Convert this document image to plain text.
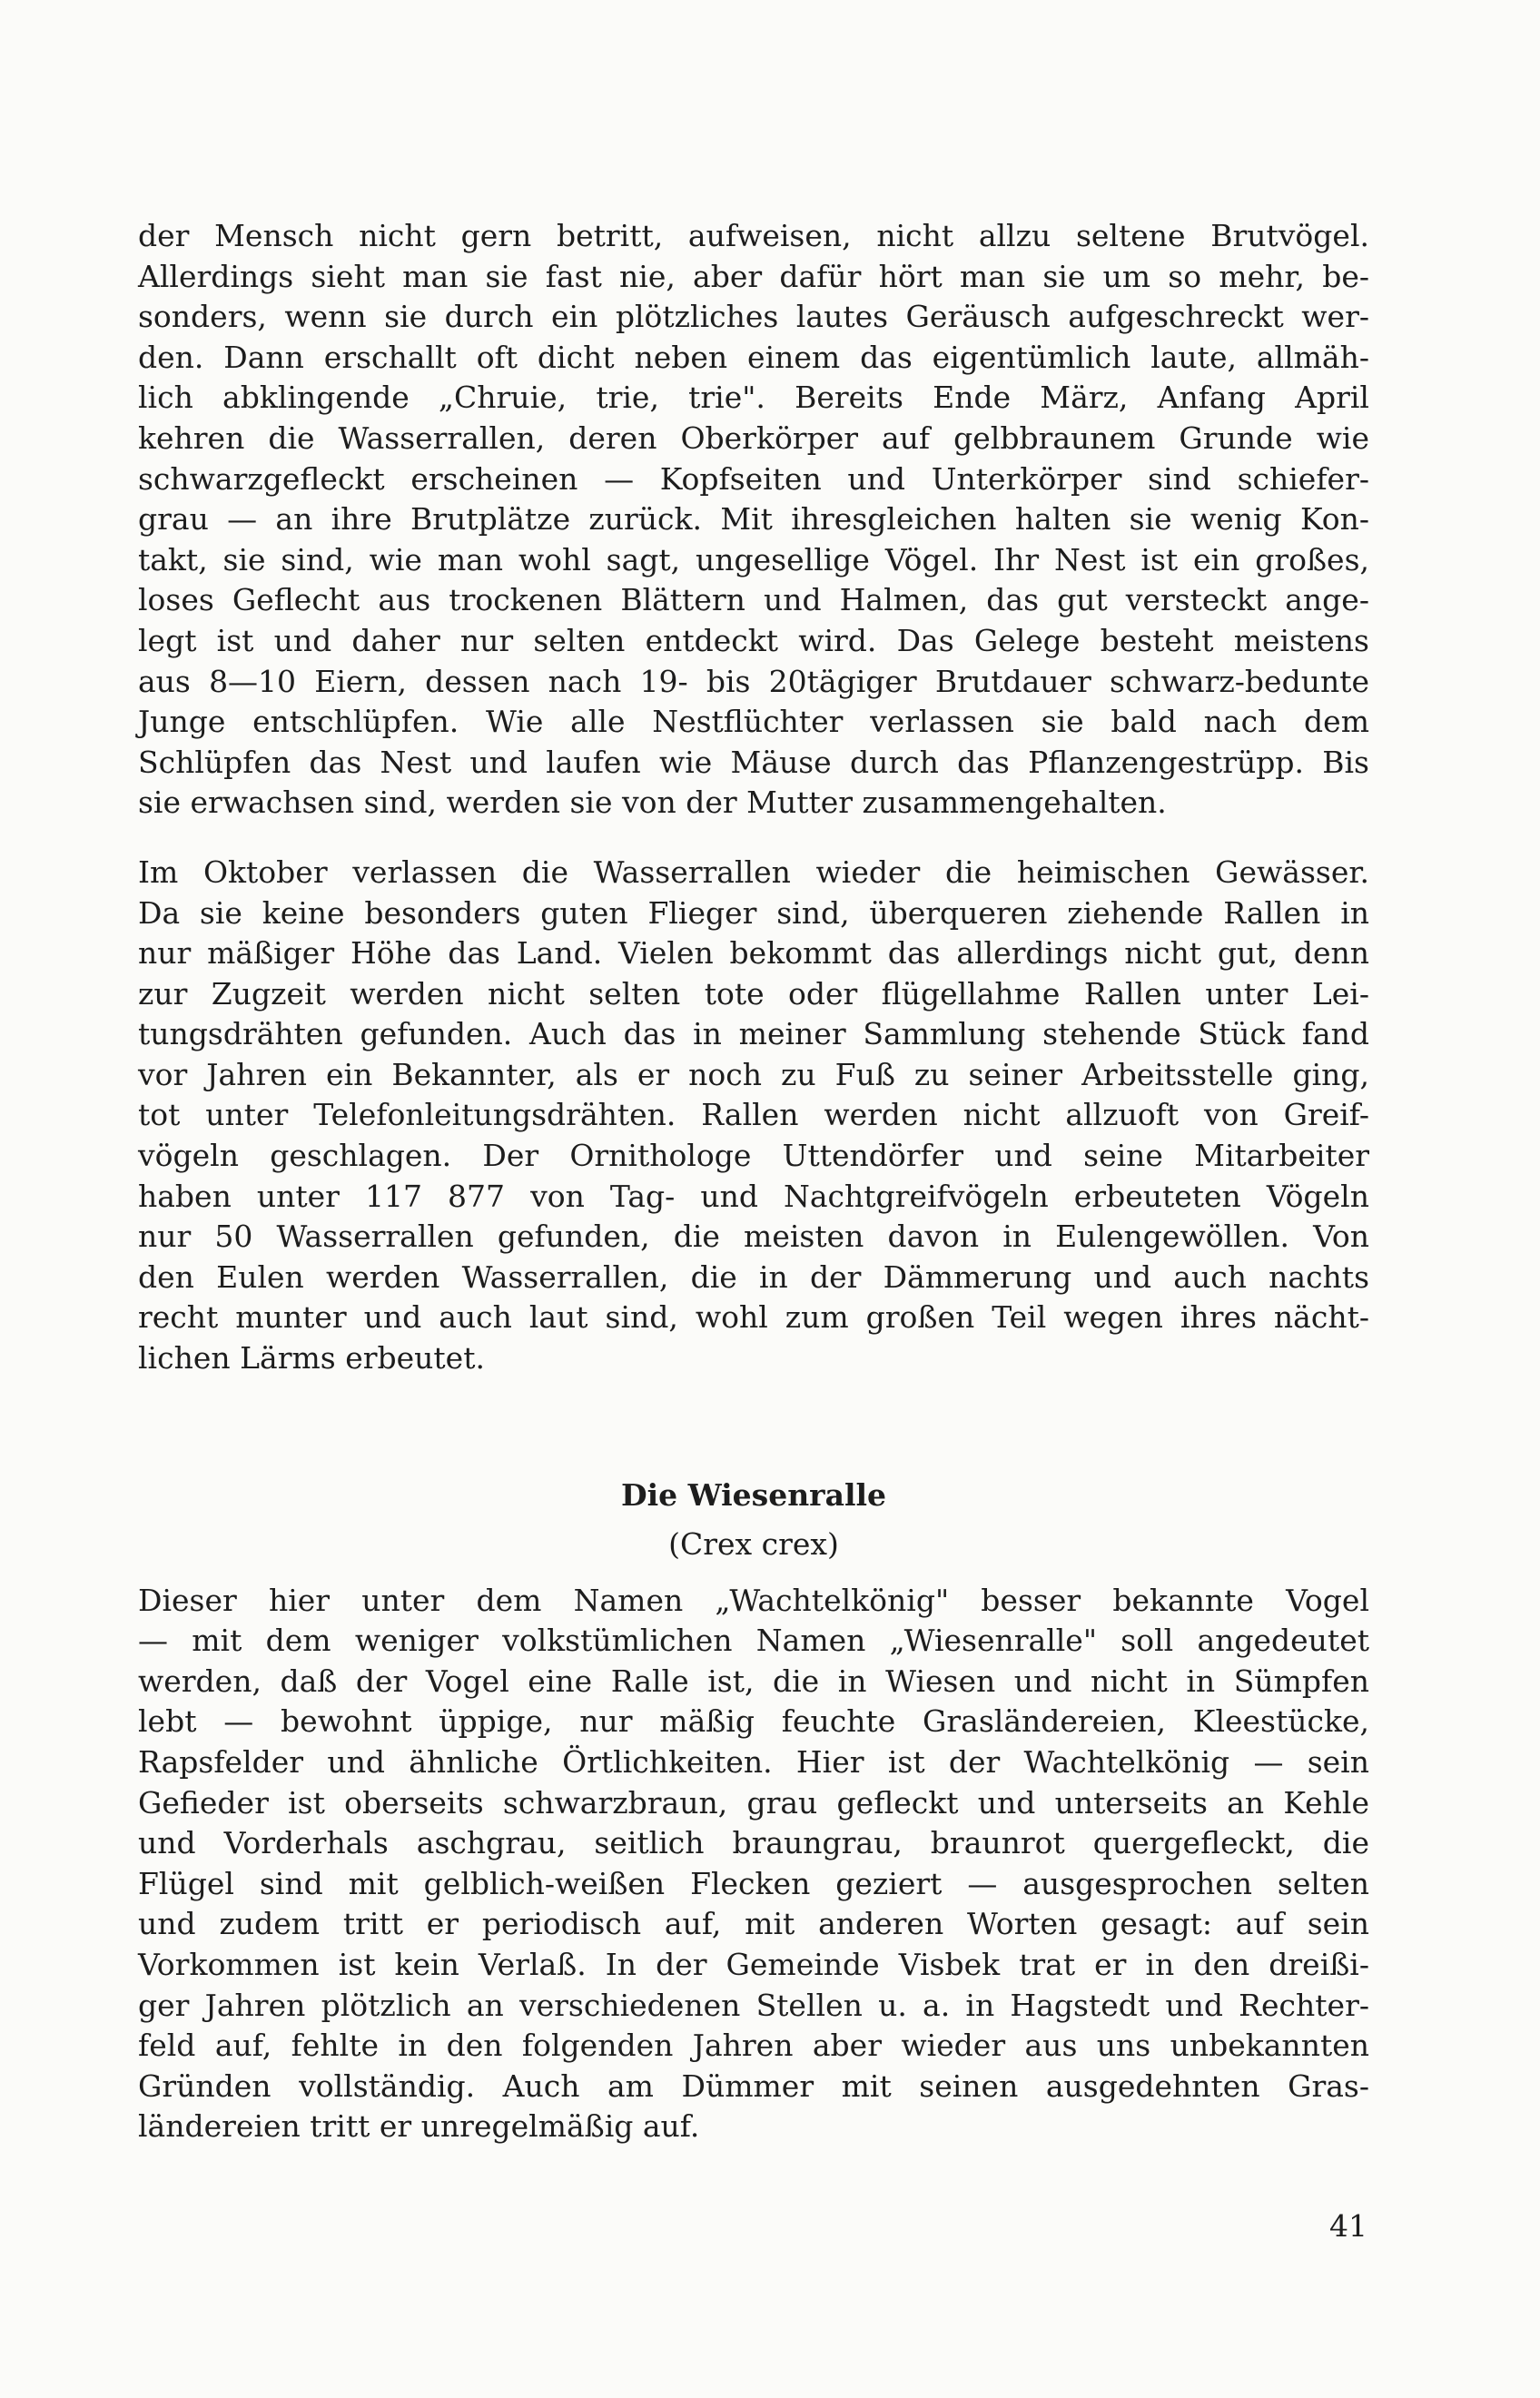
der Mensch nicht gern betritt, aufweisen, nicht allzu seltene Brutvögel.
Allerdings sieht man sie fast nie, aber dafür hört man sie um so mehr, be-
sonders, wenn sie durch ein plötzliches lautes Geräusch aufgeschreckt wer-
den. Dann erschallt oft dicht neben einem das eigentümlich laute, allmäh-
lich abklingende „Chruie, trie, trie". Bereits Ende März, Anfang April
kehren die Wasserrallen, deren Oberkörper auf gelbbraunem Grunde wie
schwarzgefleckt erscheinen — Kopfseiten und Unterkörper sind schiefer-
grau — an ihre Brutplätze zurück. Mit ihresgleichen halten sie wenig Kon-
takt, sie sind, wie man wohl sagt, ungesellige Vögel. Ihr Nest ist ein großes,
loses Geflecht aus trockenen Blättern und Halmen, das gut versteckt ange-
legt ist und daher nur selten entdeckt wird. Das Gelege besteht meistens
aus 8—10 Eiern, dessen nach 19- bis 20tägiger Brutdauer schwarz-bedunte
Junge entschlüpfen. Wie alle Nestflüchter verlassen sie bald nach dem
Schlüpfen das Nest und laufen wie Mäuse durch das Pflanzengestrüpp. Bis
sie erwachsen sind, werden sie von der Mutter zusammengehalten.

Im Oktober verlassen die Wasserrallen wieder die heimischen Gewässer.
Da sie keine besonders guten Flieger sind, überqueren ziehende Rallen in
nur mäßiger Höhe das Land. Vielen bekommt das allerdings nicht gut, denn
zur Zugzeit werden nicht selten tote oder flügellahme Rallen unter Lei-
tungsdrähten gefunden. Auch das in meiner Sammlung stehende Stück fand
vor Jahren ein Bekannter, als er noch zu Fuß zu seiner Arbeitsstelle ging,
tot unter Telefonleitungsdrähten. Rallen werden nicht allzuoft von Greif-
vögeln geschlagen. Der Ornithologe Uttendörfer und seine Mitarbeiter
haben unter 117 877 von Tag- und Nachtgreifvögeln erbeuteten Vögeln
nur 50 Wasserrallen gefunden, die meisten davon in Eulengewöllen. Von
den Eulen werden Wasserrallen, die in der Dämmerung und auch nachts
recht munter und auch laut sind, wohl zum großen Teil wegen ihres nächt-
lichen Lärms erbeutet.

Die Wiesenralle
(Crex crex)

Dieser hier unter dem Namen „Wachtelkönig" besser bekannte Vogel
— mit dem weniger volkstümlichen Namen „Wiesenralle" soll angedeutet
werden, daß der Vogel eine Ralle ist, die in Wiesen und nicht in Sümpfen
lebt — bewohnt üppige, nur mäßig feuchte Grasländereien, Kleestücke,
Rapsfelder und ähnliche Örtlichkeiten. Hier ist der Wachtelkönig — sein
Gefieder ist oberseits schwarzbraun, grau gefleckt und unterseits an Kehle
und Vorderhals aschgrau, seitlich braungrau, braunrot quergefleckt, die
Flügel sind mit gelblich-weißen Flecken geziert — ausgesprochen selten
und zudem tritt er periodisch auf, mit anderen Worten gesagt: auf sein
Vorkommen ist kein Verlaß. In der Gemeinde Visbek trat er in den dreißi-
ger Jahren plötzlich an verschiedenen Stellen u. a. in Hagstedt und Rechter-
feld auf, fehlte in den folgenden Jahren aber wieder aus uns unbekannten
Gründen vollständig. Auch am Dümmer mit seinen ausgedehnten Gras-
ländereien tritt er unregelmäßig auf.

41
